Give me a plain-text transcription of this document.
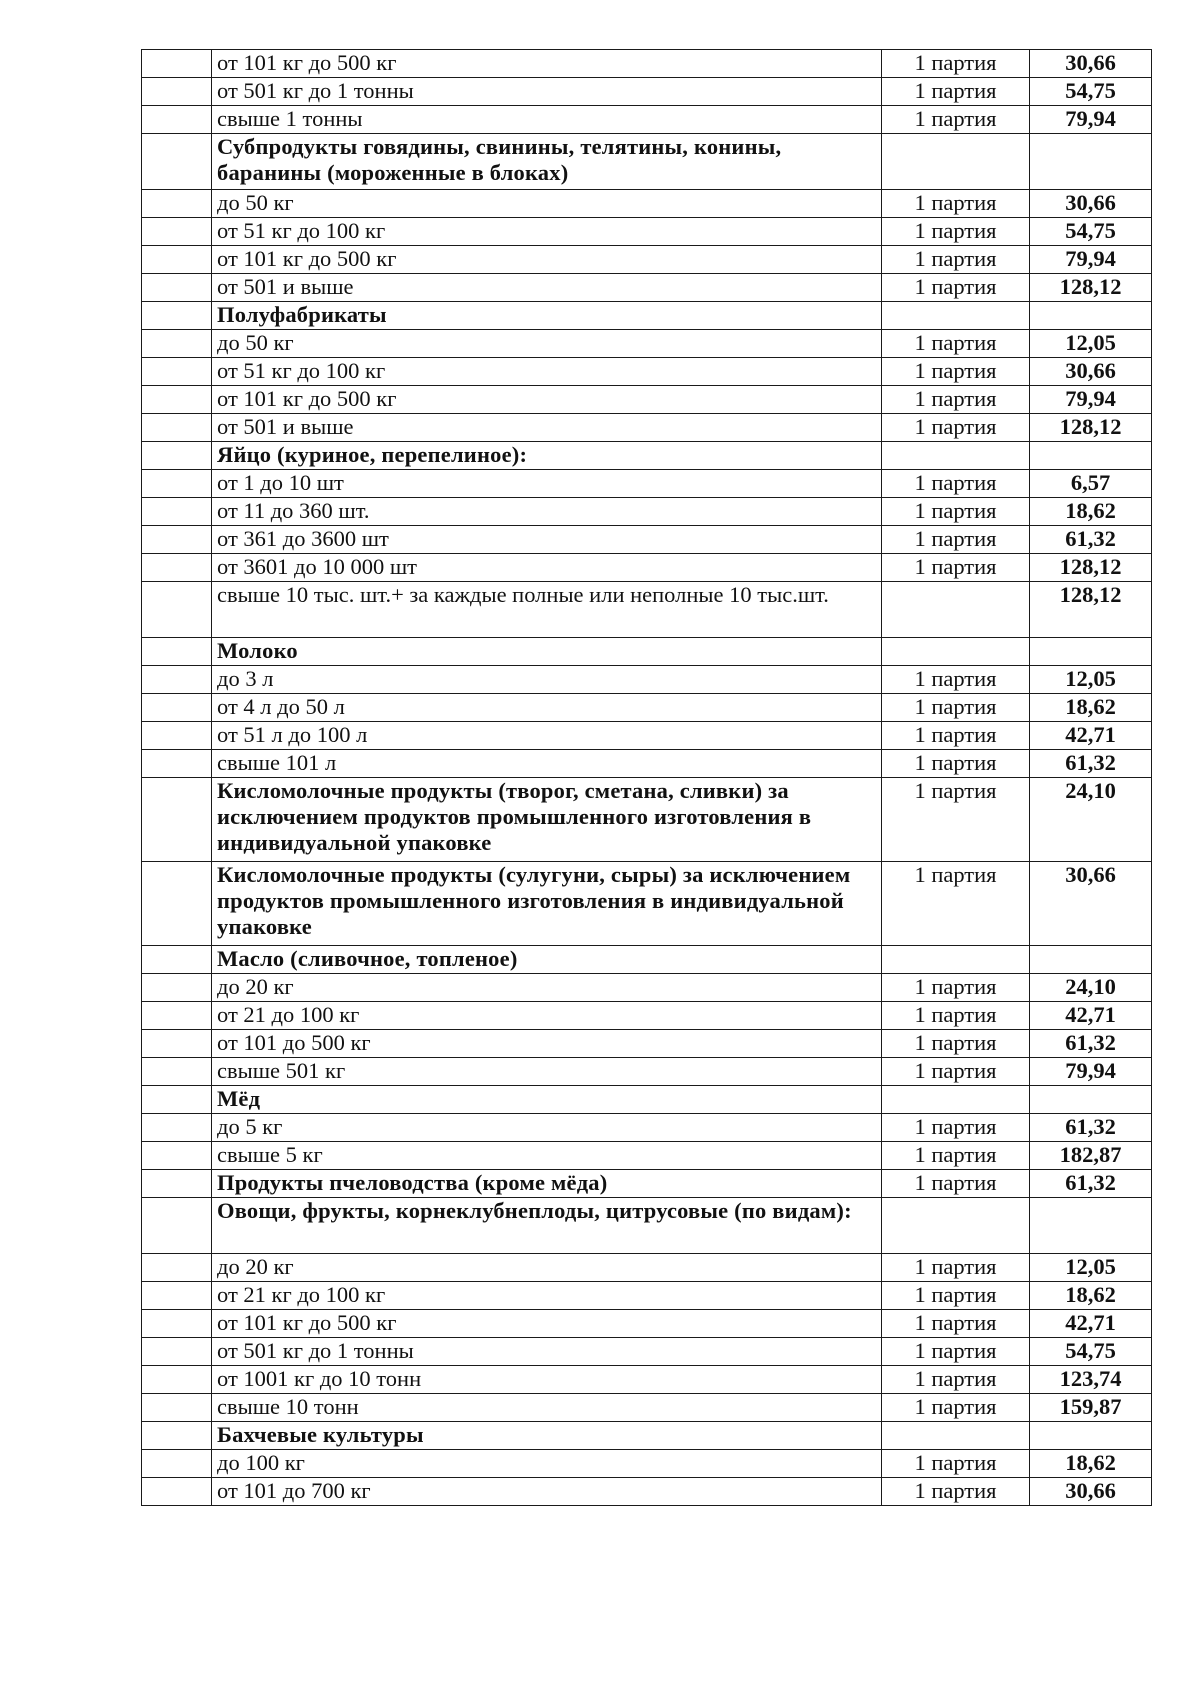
	от 101 кг до 500 кг	1 партия	30,66
	от 501 кг до 1 тонны	1 партия	54,75
	свыше 1 тонны	1 партия	79,94
	Субпродукты говядины, свинины, телятины, конины, баранины (мороженные в блоках)		
	до 50 кг	1 партия	30,66
	от 51 кг до 100 кг	1 партия	54,75
	от 101 кг до 500 кг	1 партия	79,94
	от 501 и выше	1 партия	128,12
	Полуфабрикаты		
	до 50 кг	1 партия	12,05
	от 51 кг до 100 кг	1 партия	30,66
	от 101 кг до 500 кг	1 партия	79,94
	от 501 и выше	1 партия	128,12
	Яйцо (куриное, перепелиное):		
	от 1 до 10 шт	1 партия	6,57
	от 11 до 360 шт.	1 партия	18,62
	от 361 до 3600 шт	1 партия	61,32
	от 3601 до 10 000 шт	1 партия	128,12
	свыше 10 тыс. шт.+ за каждые полные или неполные 10 тыс.шт.		128,12
	Молоко		
	до 3 л	1 партия	12,05
	от 4 л до 50 л	1 партия	18,62
	от 51 л до 100 л	1 партия	42,71
	свыше 101 л	1 партия	61,32
	Кисломолочные продукты (творог, сметана, сливки) за исключением продуктов промышленного изготовления в индивидуальной упаковке	1 партия	24,10
	Кисломолочные продукты (сулугуни, сыры) за исключением продуктов промышленного изготовления в индивидуальной упаковке	1 партия	30,66
	Масло (сливочное, топленое)		
	до 20 кг	1 партия	24,10
	от 21 до 100 кг	1 партия	42,71
	от 101 до 500 кг	1 партия	61,32
	свыше 501 кг	1 партия	79,94
	Мёд		
	до 5 кг	1 партия	61,32
	свыше 5 кг	1 партия	182,87
	Продукты пчеловодства (кроме мёда)	1 партия	61,32
	Овощи, фрукты, корнеклубнеплоды, цитрусовые (по видам):		
	до 20 кг	1 партия	12,05
	от 21 кг до 100 кг	1 партия	18,62
	от 101 кг до 500 кг	1 партия	42,71
	от 501 кг до 1 тонны	1 партия	54,75
	от 1001 кг до 10 тонн	1 партия	123,74
	свыше 10 тонн	1 партия	159,87
	Бахчевые культуры		
	до 100 кг	1 партия	18,62
	от 101 до 700 кг	1 партия	30,66
